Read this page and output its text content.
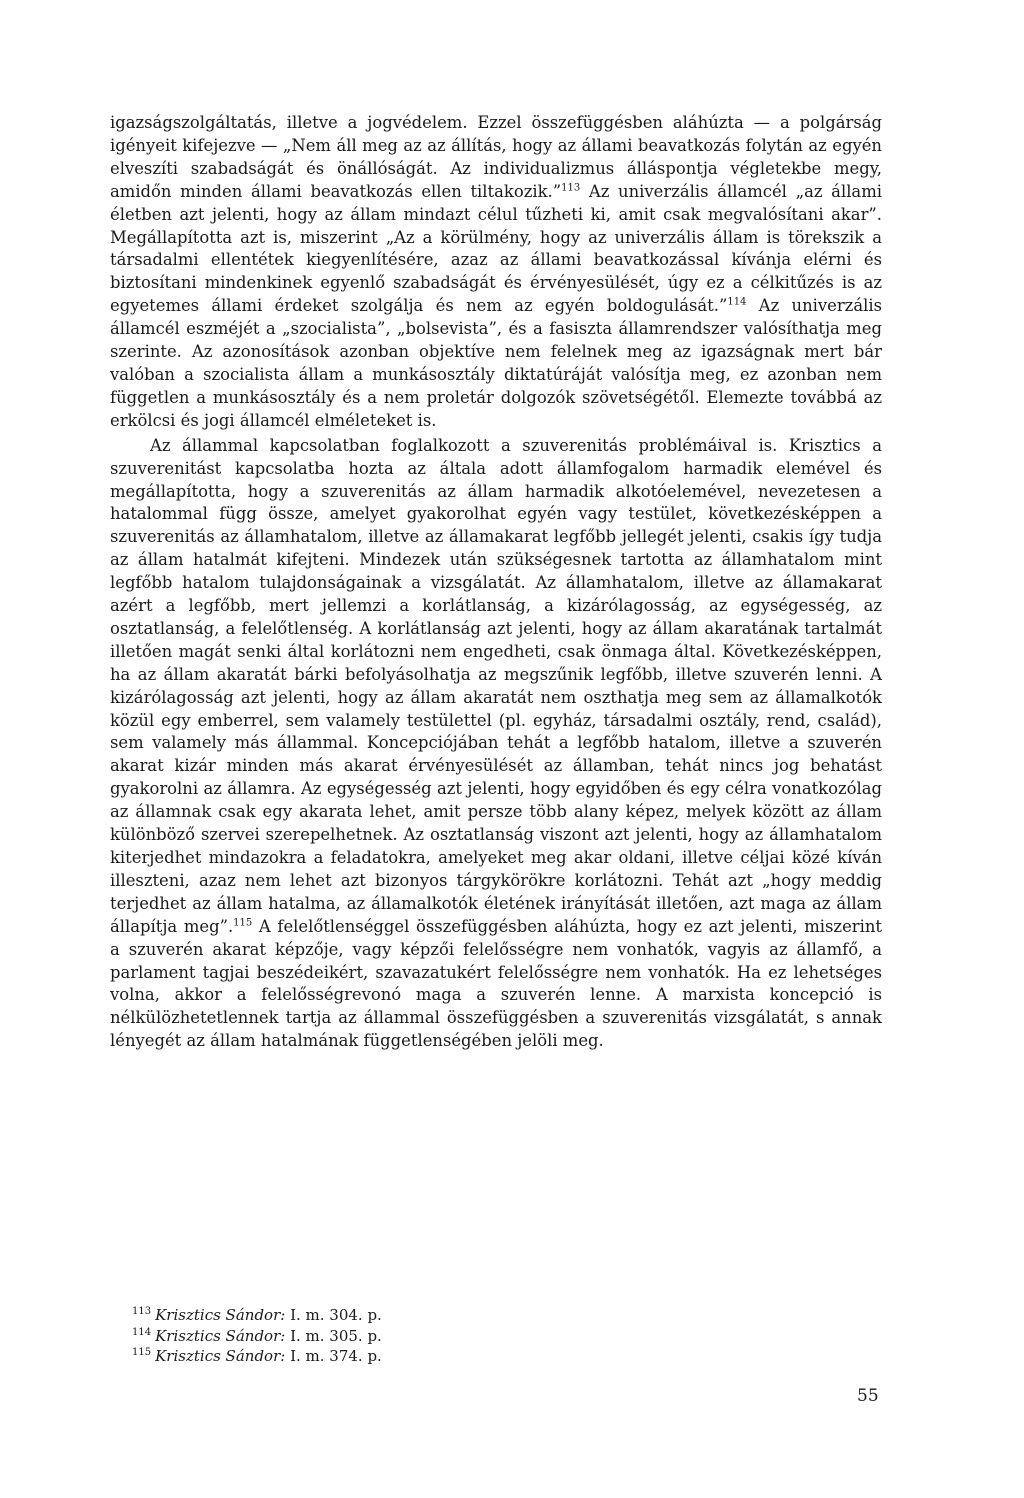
igazságszolgáltatás, illetve a jogvédelem. Ezzel összefüggésben aláhúzta — a polgárság igényeit kifejezve — „Nem áll meg az az állítás, hogy az állami beavatkozás folytán az egyén elveszíti szabadságát és önállóságát. Az individualizmus álláspontja végletekbe megy, amidőn minden állami beavatkozás ellen tiltakozik.”$^{113}$ Az univerzális államcél „az állami életben azt jelenti, hogy az állam mindazt célul tűzheti ki, amit csak megvalósítani akar”. Megállapította azt is, miszerint „Az a körülmény, hogy az univerzális állam is törekszik a társadalmi ellentétek kiegyenlítésére, azaz az állami beavatkozással kívánja elérni és biztosítani mindenkinek egyenlő szabadságát és érvényesülését, úgy ez a célkitűzés is az egyetemes állami érdeket szolgálja és nem az egyén boldogulását.”$^{114}$ Az univerzális államcél eszméjét a „szocialista”, „bolsevista”, és a fasiszta államrendszer valósíthatja meg szerinte. Az azonosítások azonban objektíve nem felelnek meg az igazságnak mert bár valóban a szocialista állam a munkásosztály diktatúráját valósítja meg, ez azonban nem független a munkásosztály és a nem proletár dolgozók szövetségétől. Elemezte továbbá az erkölcsi és jogi államcél elméleteket is.

Az állammal kapcsolatban foglalkozott a szuverenitás problémáival is. Krisztics a szuverenitást kapcsolatba hozta az általa adott államfogalom harmadik elemével és megállapította, hogy a szuverenitás az állam harmadik alkotóelemével, nevezetesen a hatalommal függ össze, amelyet gyakorolhat egyén vagy testület, következésképpen a szuverenitás az államhatalom, illetve az államakarat legfőbb jellegét jelenti, csakis így tudja az állam hatalmát kifejteni. Mindezek után szükségesnek tartotta az államhatalom mint legfőbb hatalom tulajdonságainak a vizsgálatát. Az államhatalom, illetve az államakarat azért a legfőbb, mert jellemzi a korlátlanság, a kizárólagosság, az egységesség, az osztatlanság, a felelőtlenség. A korlátlanság azt jelenti, hogy az állam akaratának tartalmát illetően magát senki által korlátozni nem engedheti, csak önmaga által. Következésképpen, ha az állam akaratát bárki befolyásolhatja az megszűnik legfőbb, illetve szuverén lenni. A kizárólagosság azt jelenti, hogy az állam akaratát nem oszthatja meg sem az államalkotók közül egy emberrel, sem valamely testülettel (pl. egyház, társadalmi osztály, rend, család), sem valamely más állammal. Koncepciójában tehát a legfőbb hatalom, illetve a szuverén akarat kizár minden más akarat érvényesülését az államban, tehát nincs jog behatást gyakorolni az államra. Az egységesség azt jelenti, hogy egyidőben és egy célra vonatkozólag az államnak csak egy akarata lehet, amit persze több alany képez, melyek között az állam különböző szervei szerepelhetnek. Az osztatlanság viszont azt jelenti, hogy az államhatalom kiterjedhet mindazokra a feladatokra, amelyeket meg akar oldani, illetve céljai közé kíván illeszteni, azaz nem lehet azt bizonyos tárgykörökre korlátozni. Tehát azt „hogy meddig terjedhet az állam hatalma, az államalkotók életének irányítását illetően, azt maga az állam állapítja meg”.$^{115}$ A felelőtlenséggel összefüggésben aláhúzta, hogy ez azt jelenti, miszerint a szuverén akarat képzője, vagy képzői felelősségre nem vonhatók, vagyis az államfő, a parlament tagjai beszédeikért, szavazatukért felelősségre nem vonhatók. Ha ez lehetséges volna, akkor a felelősségrevonó maga a szuverén lenne. A marxista koncepció is nélkülözhetetlennek tartja az állammal összefüggésben a szuverenitás vizsgálatát, s annak lényegét az állam hatalmának függetlenségében jelöli meg.

$^{113}$ Krisztics Sándor: I. m. 304. p.
$^{114}$ Krisztics Sándor: I. m. 305. p.
$^{115}$ Krisztics Sándor: I. m. 374. p.
55
